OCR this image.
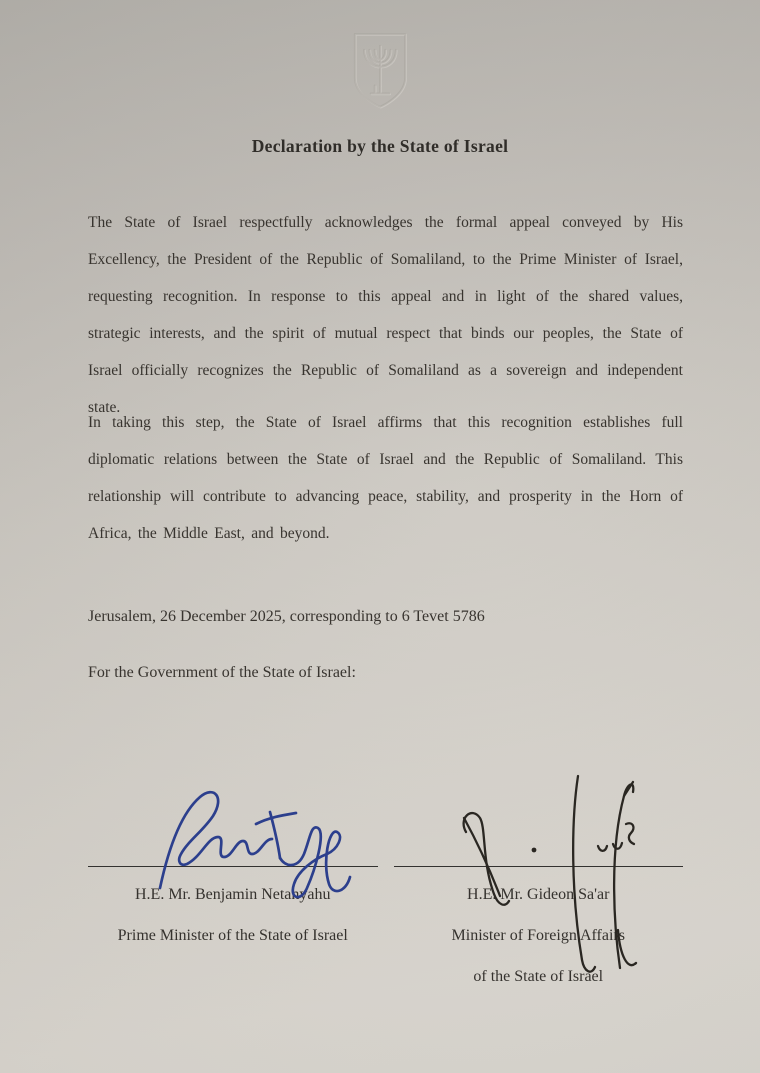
Declaration by the State of Israel

The State of Israel respectfully acknowledges the formal appeal conveyed by His Excellency, the President of the Republic of Somaliland, to the Prime Minister of Israel, requesting recognition. In response to this appeal and in light of the shared values, strategic interests, and the spirit of mutual respect that binds our peoples, the State of Israel officially recognizes the Republic of Somaliland as a sovereign and independent state.

In taking this step, the State of Israel affirms that this recognition establishes full diplomatic relations between the State of Israel and the Republic of Somaliland. This relationship will contribute to advancing peace, stability, and prosperity in the Horn of Africa, the Middle East, and beyond.

Jerusalem, 26 December 2025, corresponding to 6 Tevet 5786
For the Government of the State of Israel:
H.E. Mr. Benjamin Netanyahu
Prime Minister of the State of Israel
H.E. Mr. Gideon Sa'ar
Minister of Foreign Affairs
of the State of Israel
